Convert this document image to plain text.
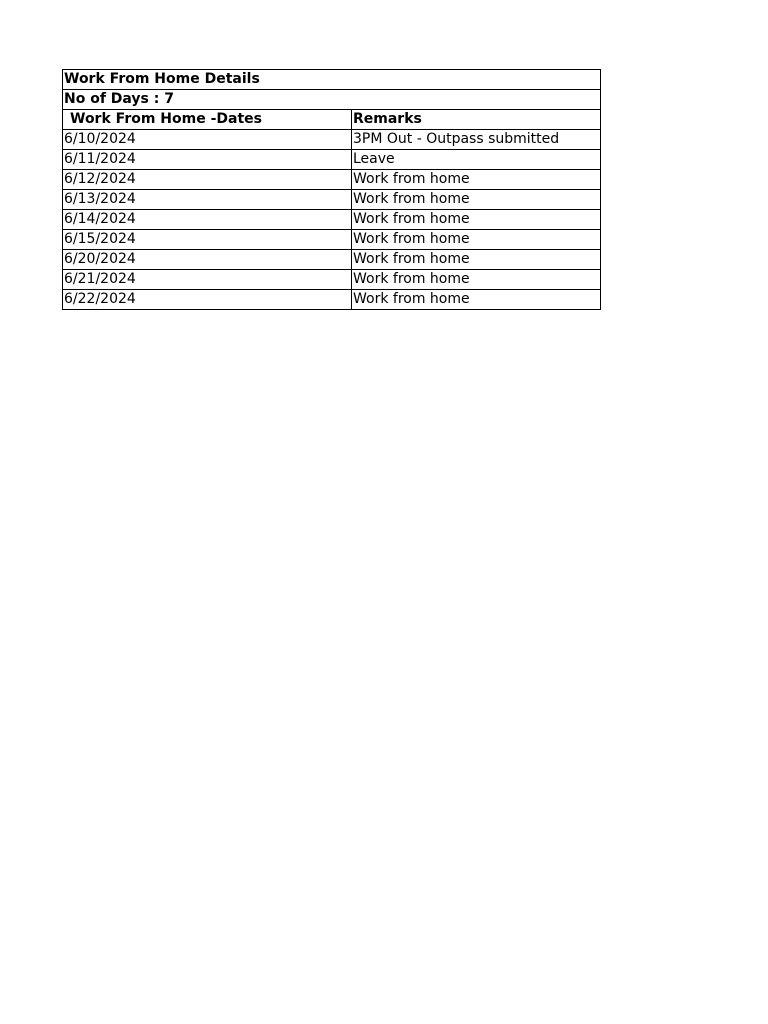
Work From Home Details	
No of Days : 7	
Work From Home -Dates	Remarks
6/10/2024	3PM Out - Outpass submitted
6/11/2024	Leave
6/12/2024	Work from home
6/13/2024	Work from home
6/14/2024	Work from home
6/15/2024	Work from home
6/20/2024	Work from home
6/21/2024	Work from home
6/22/2024	Work from home
